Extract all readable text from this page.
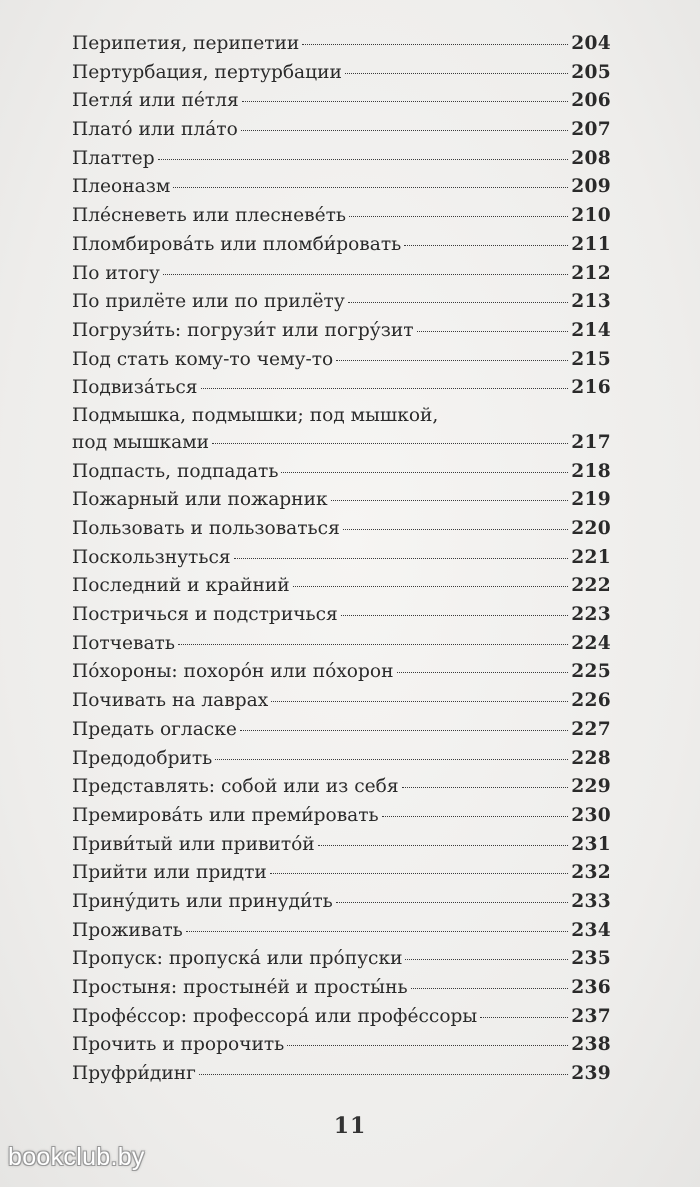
Перипетия, перипетии	204
Пертурбация, пертурбации	205
Петля́ или пе́тля	206
Плато́ или пла́то	207
Платтер	208
Плеоназм	209
Пле́сневеть или плесневе́ть	210
Пломбирова́ть или пломби́ровать	211
По итогу	212
По прилёте или по прилёту	213
Погрузи́ть: погрузи́т или погру́зит	214
Под стать кому-то чему-то	215
Подвиза́ться	216
Подмышка, подмышки; под мышкой,
под мышками	217
Подпасть, подпадать	218
Пожарный или пожарник	219
Пользовать и пользоваться	220
Поскользнуться	221
Последний и крайний	222
Постричься и подстричься	223
Потчевать	224
По́хороны: похоро́н или по́хорон	225
Почивать на лаврах	226
Предать огласке	227
Предодобрить	228
Представлять: собой или из себя	229
Премирова́ть или преми́ровать	230
Приви́тый или привито́й	231
Прийти или придти	232
Прину́дить или принуди́ть	233
Проживать	234
Пропуск: пропуска́ или про́пуски	235
Простыня: простыне́й и просты́нь	236
Профе́ссор: профессора́ или профе́ссоры	237
Прочить и пророчить	238
Пруфри́динг	239
11
bookclub.by
